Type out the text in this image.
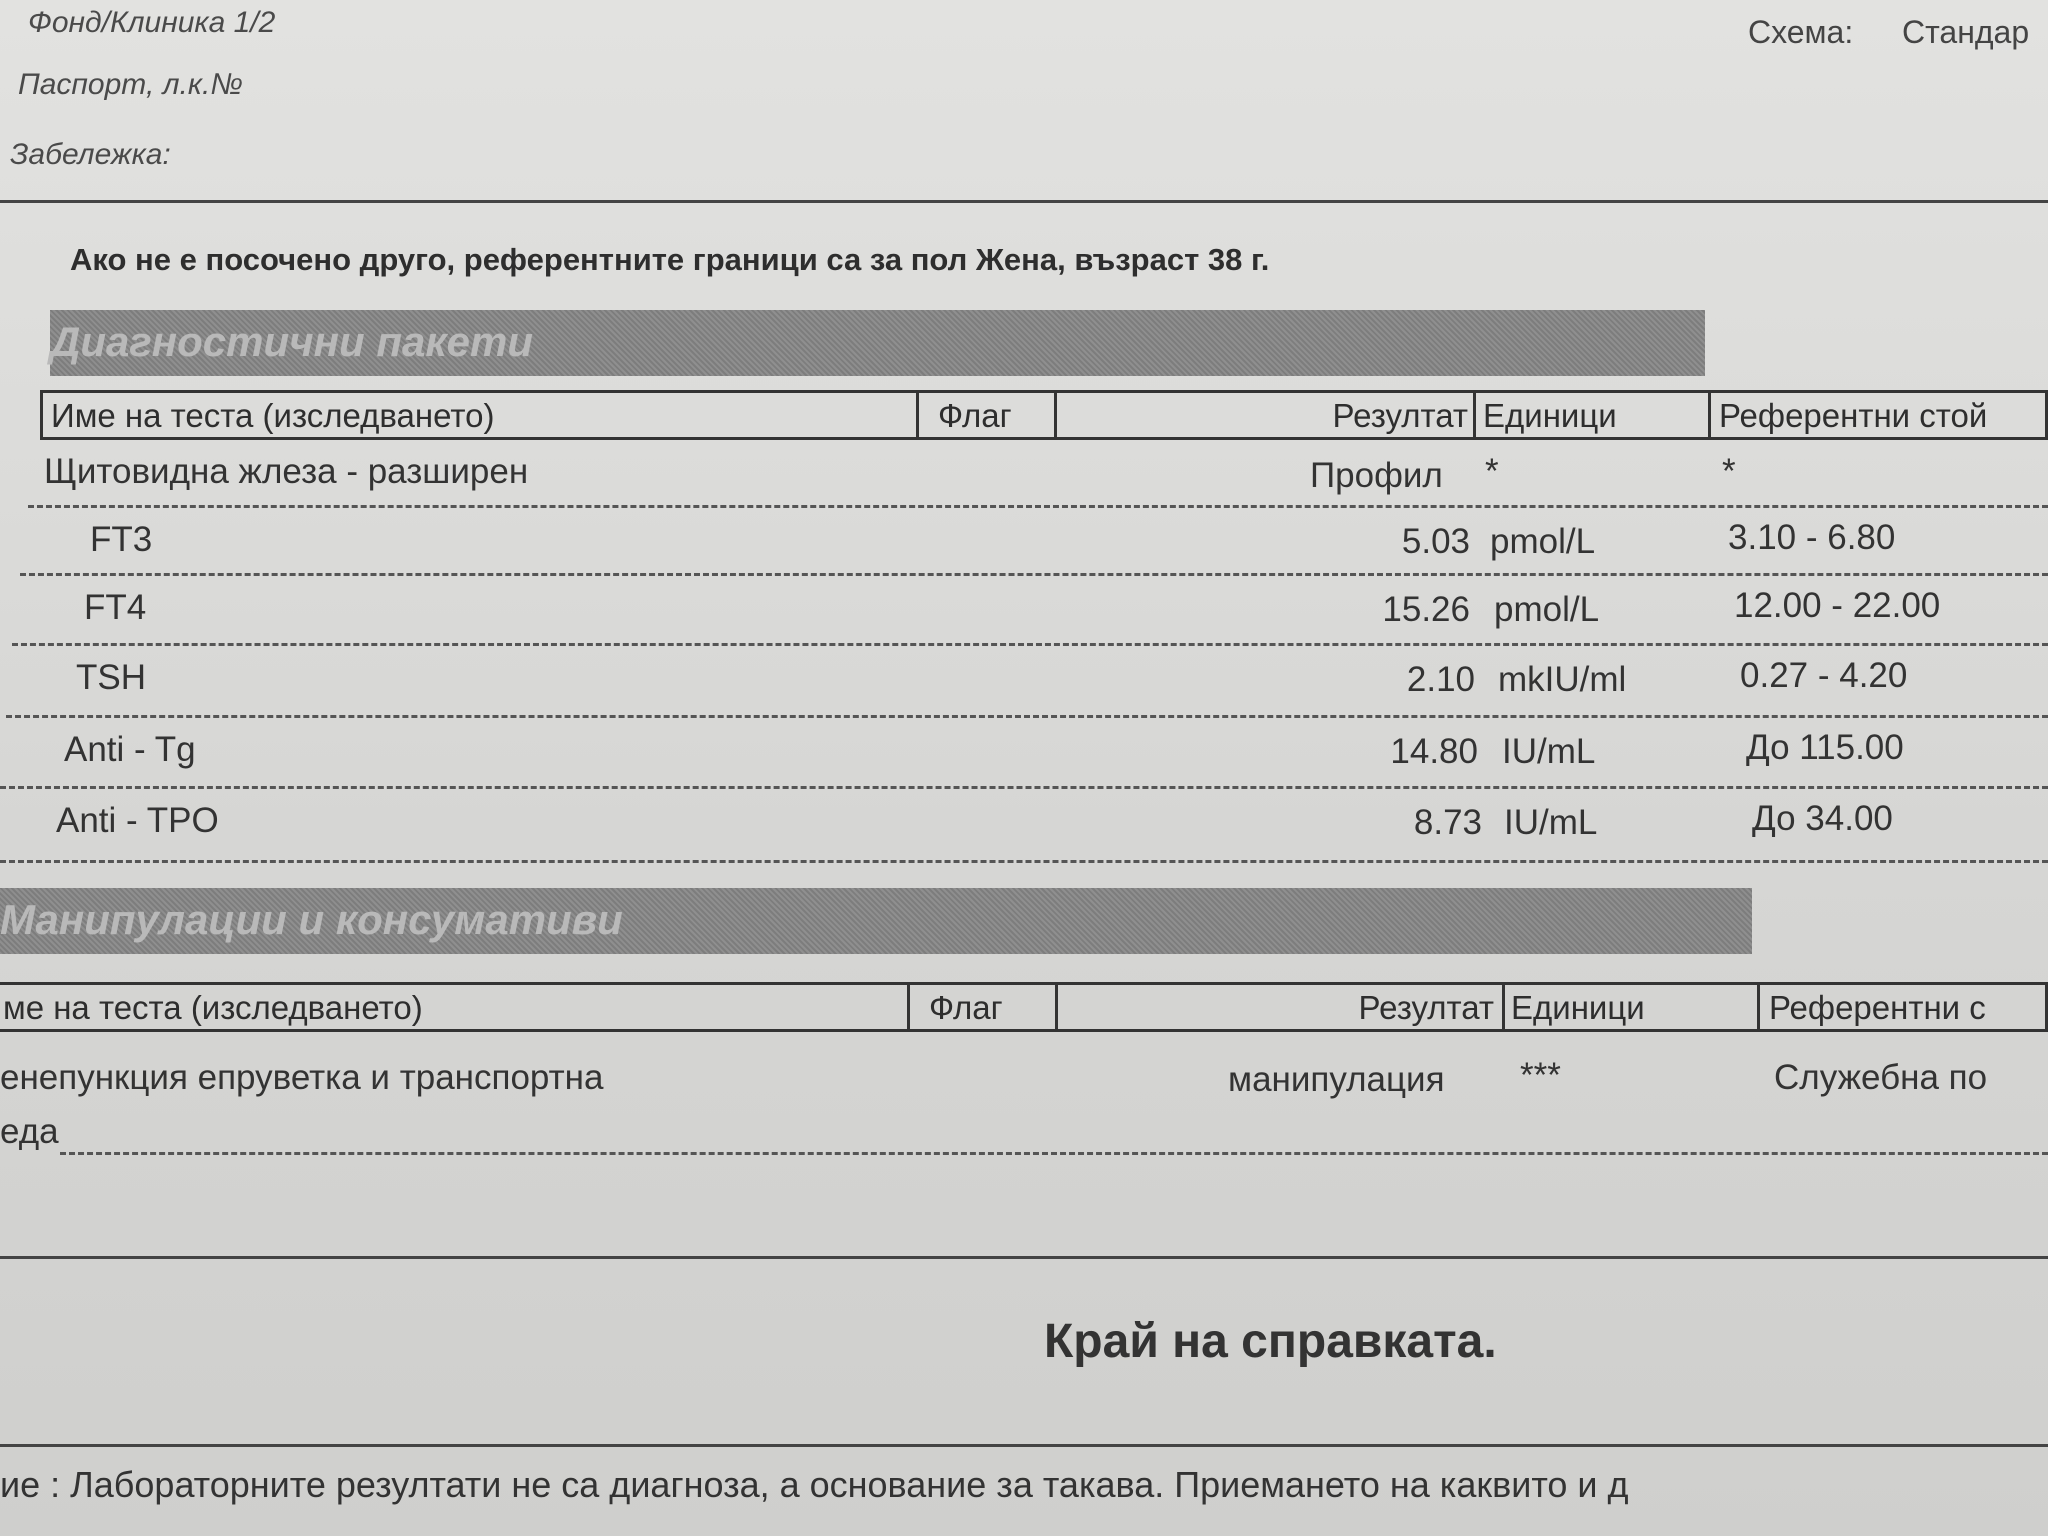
Фонд/Клиника 1/2
Паспорт, л.к.№
Забележка:
Схема: Стандар
Ако не е посочено друго, референтните граници са за пол Жена, възраст 38 г.
Диагностични пакети
Име на теста (изследването)	Флаг	Резултат Единици	Референтни стой
Щитовидна жлеза - разширен	Профил *	*
FT3	5.03 pmol/L	3.10 - 6.80
FT4	15.26 pmol/L	12.00 - 22.00
TSH	2.10 mkIU/ml	0.27 - 4.20
Anti - Tg	14.80 IU/mL	До 115.00
Anti - TPO	8.73 IU/mL	До 34.00
Манипулации и консумативи
ме на теста (изследването)	Флаг	Резултат Единици	Референтни с
енепункция епруветка и транспортна
еда
манипулация ***	Служебна по
Край на справката.
ие : Лабораторните резултати не са диагноза, а основание за такава. Приемането на каквито и д
